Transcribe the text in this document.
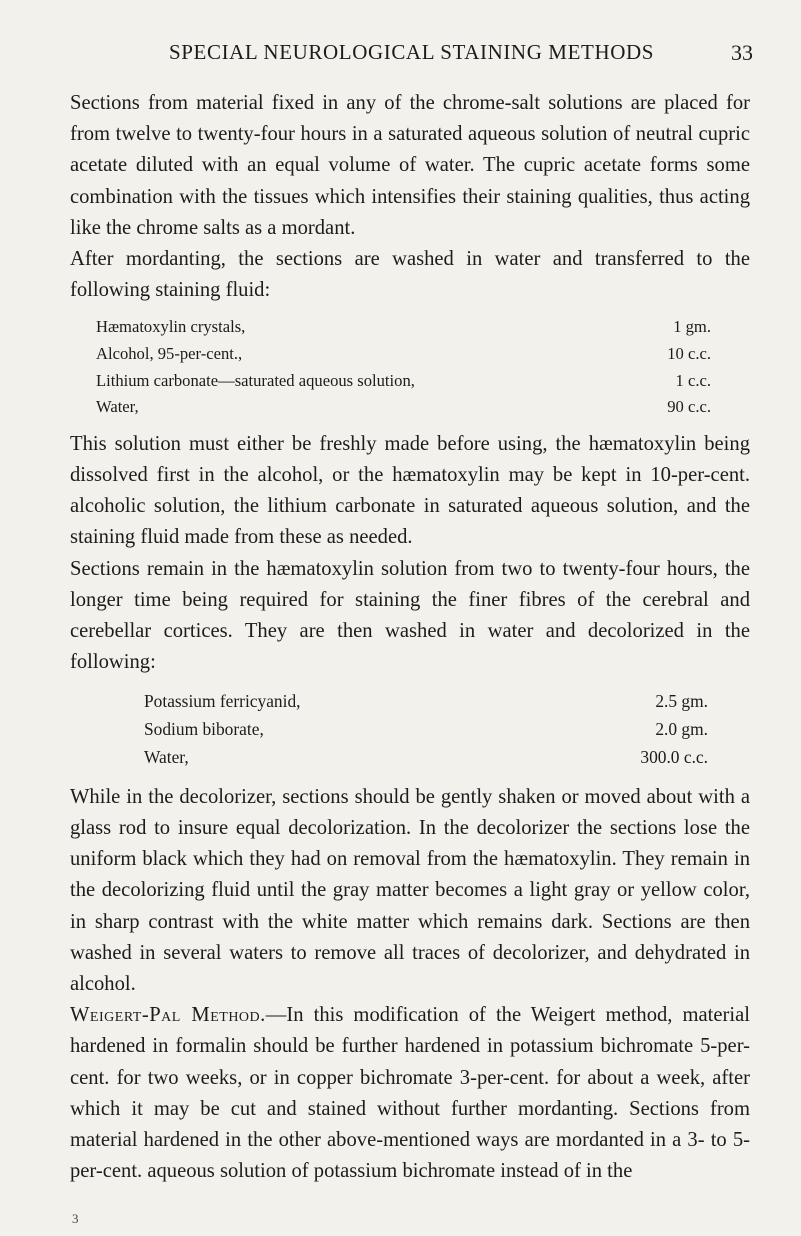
SPECIAL NEUROLOGICAL STAINING METHODS	33

Sections from material fixed in any of the chrome-salt solutions are placed for from twelve to twenty-four hours in a saturated aqueous solution of neutral cupric acetate diluted with an equal volume of water. The cupric acetate forms some combination with the tissues which intensifies their staining qualities, thus acting like the chrome salts as a mordant.

After mordanting, the sections are washed in water and transferred to the following staining fluid:

Hæmatoxylin crystals,	1 gm.
Alcohol, 95-per-cent.,	10 c.c.
Lithium carbonate—saturated aqueous solution,	1 c.c.
Water,	90 c.c.

This solution must either be freshly made before using, the hæmatoxylin being dissolved first in the alcohol, or the hæmatoxylin may be kept in 10-per-cent. alcoholic solution, the lithium carbonate in saturated aqueous solution, and the staining fluid made from these as needed.

Sections remain in the hæmatoxylin solution from two to twenty-four hours, the longer time being required for staining the finer fibres of the cerebral and cerebellar cortices. They are then washed in water and decolorized in the following:

Potassium ferricyanid,	2.5 gm.
Sodium biborate,	2.0 gm.
Water,	300.0 c.c.

While in the decolorizer, sections should be gently shaken or moved about with a glass rod to insure equal decolorization. In the decolorizer the sections lose the uniform black which they had on removal from the hæmatoxylin. They remain in the decolorizing fluid until the gray matter becomes a light gray or yellow color, in sharp contrast with the white matter which remains dark. Sections are then washed in several waters to remove all traces of decolorizer, and dehydrated in alcohol.

Weigert-Pal Method.—In this modification of the Weigert method, material hardened in formalin should be further hardened in potassium bichromate 5-per-cent. for two weeks, or in copper bichromate 3-per-cent. for about a week, after which it may be cut and stained without further mordanting. Sections from material hardened in the other above-mentioned ways are mordanted in a 3- to 5-per-cent. aqueous solution of potassium bichromate instead of in the

3
